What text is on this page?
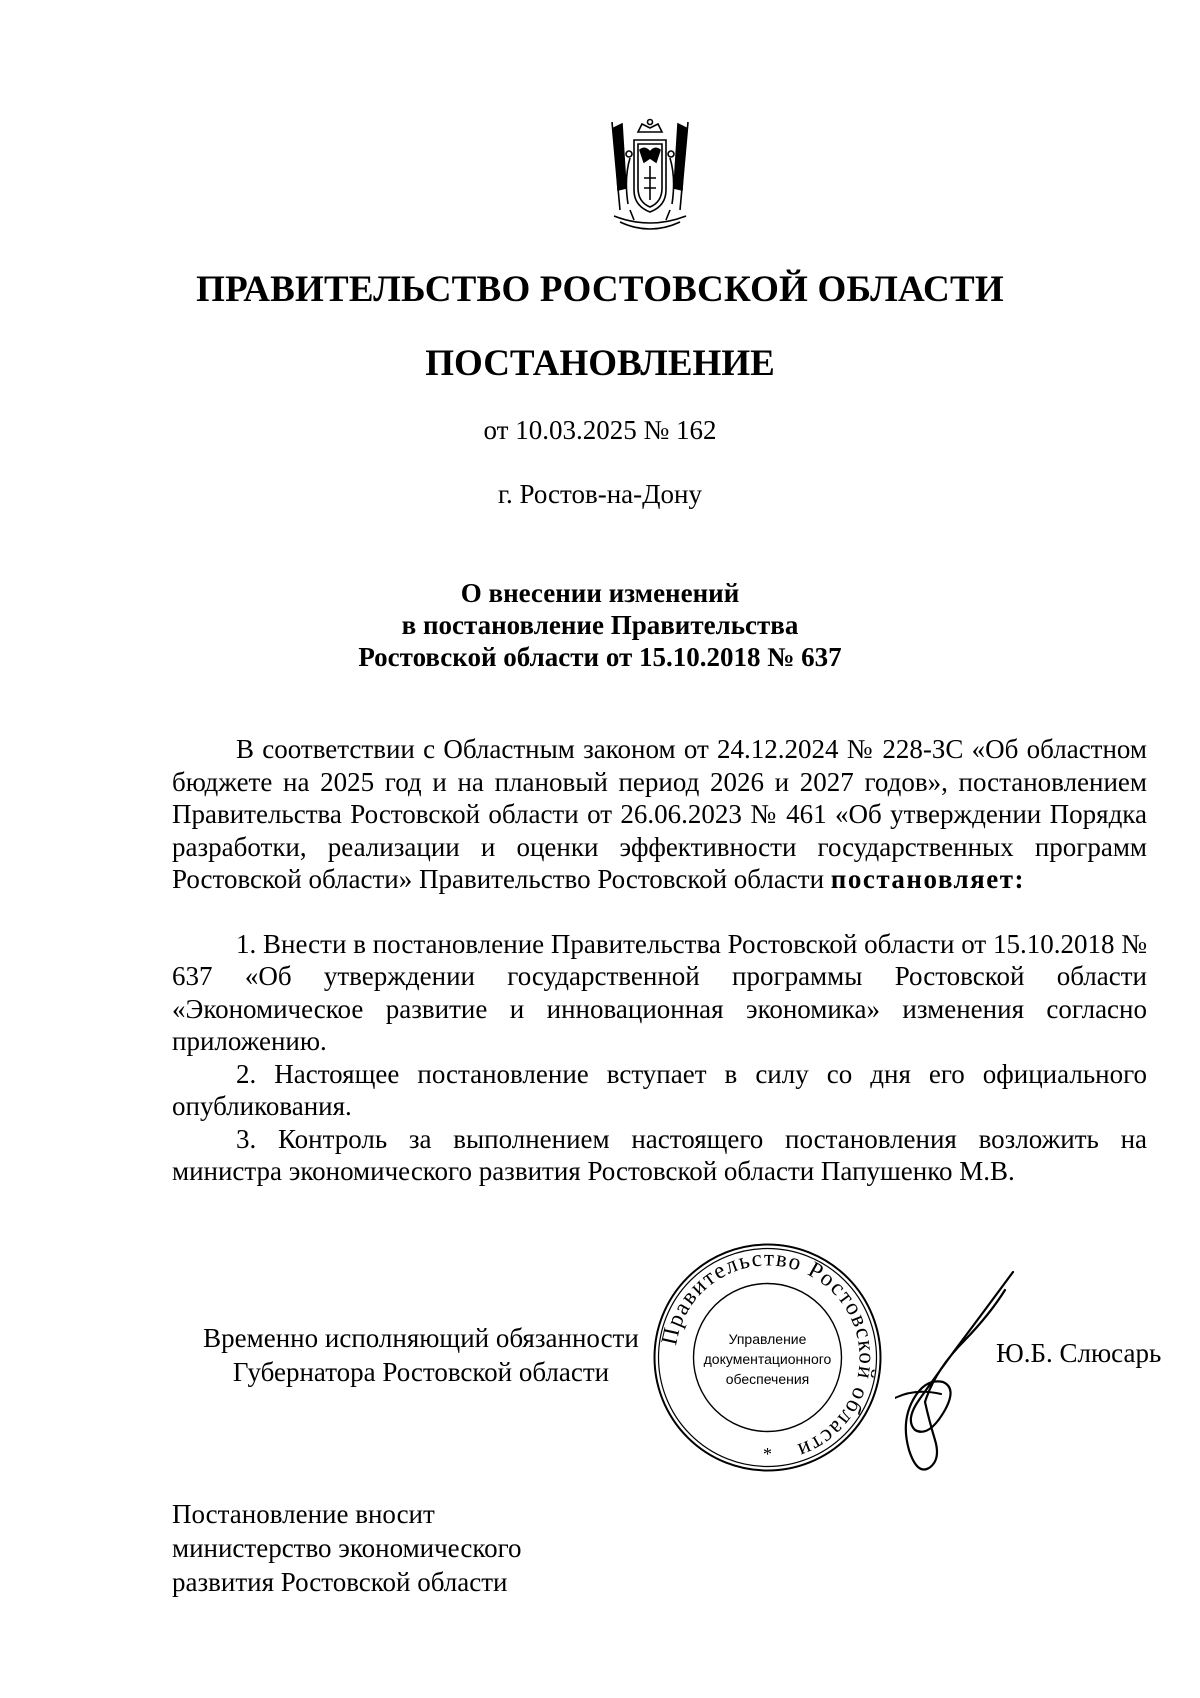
ПРАВИТЕЛЬСТВО РОСТОВСКОЙ ОБЛАСТИ
ПОСТАНОВЛЕНИЕ
от 10.03.2025 № 162
г. Ростов-на-Дону
О внесении изменений
в постановление Правительства
Ростовской области от 15.10.2018 № 637

В соответствии с Областным законом от 24.12.2024 № 228-ЗС «Об областном бюджете на 2025 год и на плановый период 2026 и 2027 годов», постановлением Правительства Ростовской области от 26.06.2023 № 461 «Об утверждении Порядка разработки, реализации и оценки эффективности государственных программ Ростовской области» Правительство Ростовской области постановляет:

1. Внести в постановление Правительства Ростовской области от 15.10.2018 № 637 «Об утверждении государственной программы Ростовской области «Экономическое развитие и инновационная экономика» изменения согласно приложению.

2. Настоящее постановление вступает в силу со дня его официального опубликования.

3. Контроль за выполнением настоящего постановления возложить на министра экономического развития Ростовской области Папушенко М.В.

Временно исполняющий обязанности
Губернатора Ростовской области
Правительство Ростовской области
Управление
документационного
обеспечения
*
Ю.Б. Слюсарь
Постановление вносит
министерство экономического
развития Ростовской области
